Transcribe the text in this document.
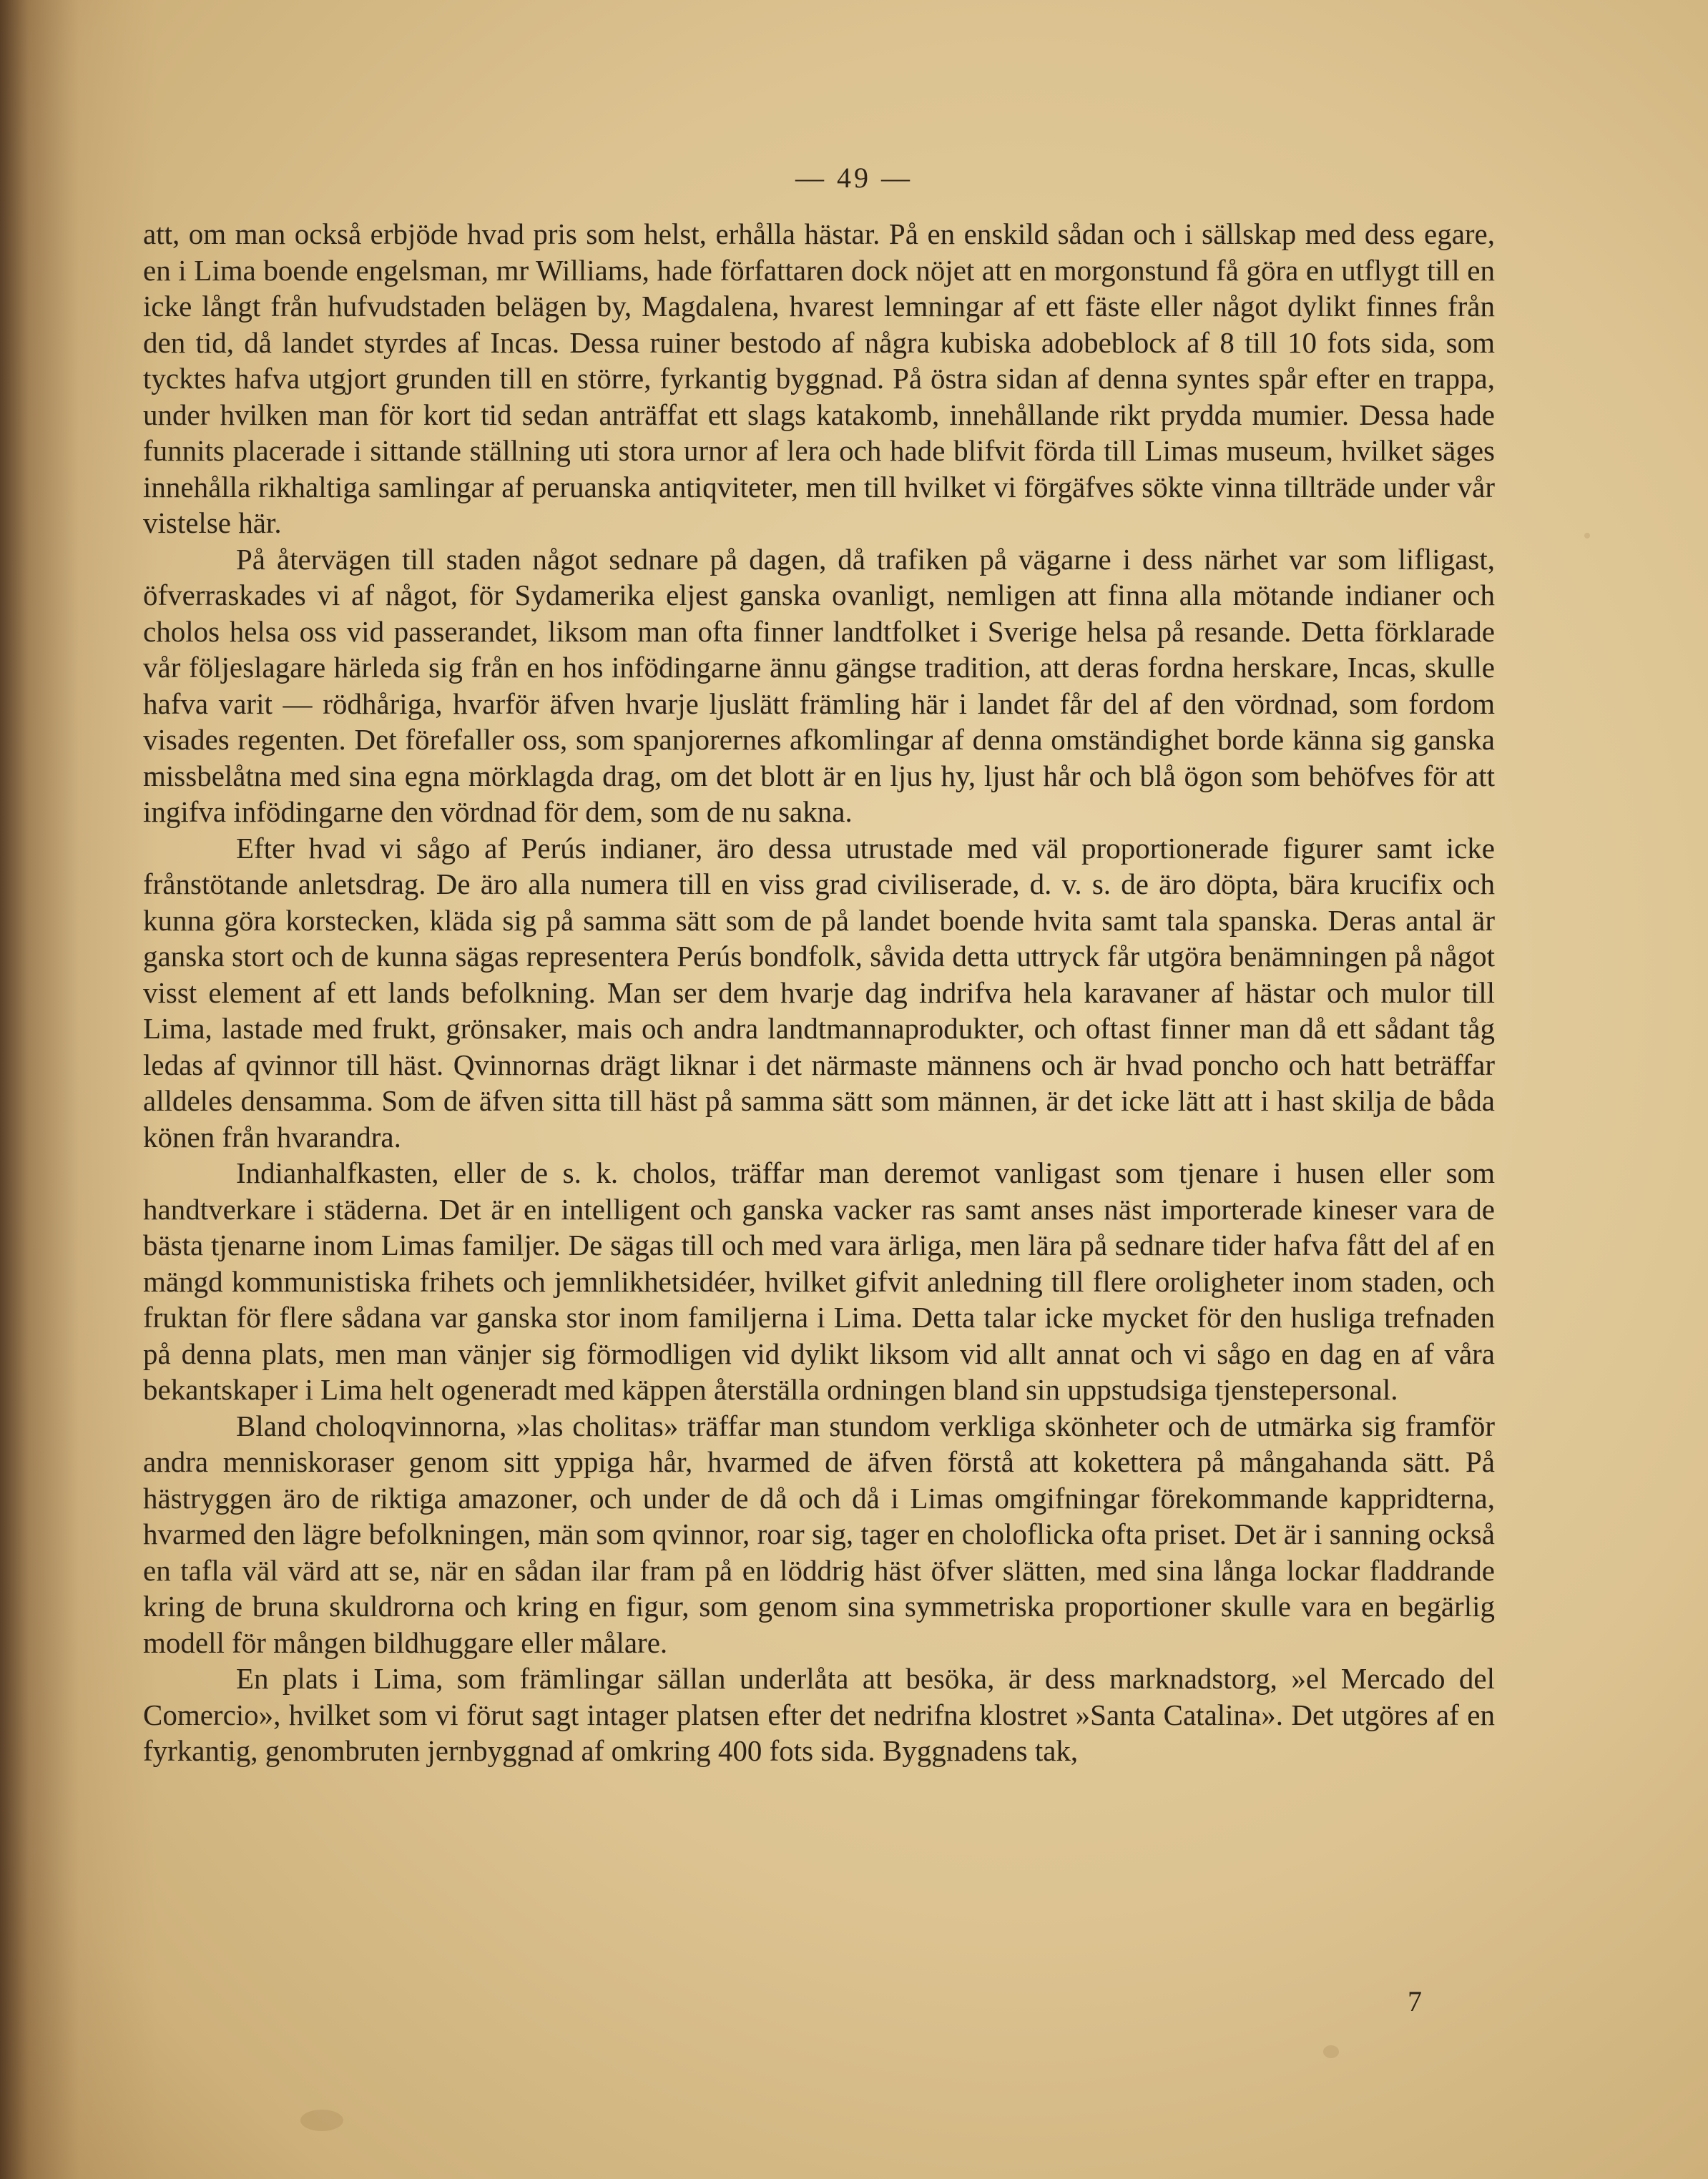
— 49 —

att, om man också erbjöde hvad pris som helst, erhålla hästar. På en enskild sådan och i sällskap med dess egare, en i Lima boende engelsman, mr Williams, hade författaren dock nöjet att en morgonstund få göra en utflygt till en icke långt från hufvudstaden belägen by, Magdalena, hvarest lemningar af ett fäste eller något dylikt finnes från den tid, då landet styrdes af Incas. Dessa ruiner bestodo af några kubiska adobeblock af 8 till 10 fots sida, som tycktes hafva utgjort grunden till en större, fyrkantig byggnad. På östra sidan af denna syntes spår efter en trappa, under hvilken man för kort tid sedan anträffat ett slags katakomb, innehållande rikt prydda mumier. Dessa hade funnits placerade i sittande ställning uti stora urnor af lera och hade blifvit förda till Limas museum, hvilket säges innehålla rikhaltiga samlingar af peruanska antiqviteter, men till hvilket vi förgäfves sökte vinna tillträde under vår vistelse här.

På återvägen till staden något sednare på dagen, då trafiken på vägarne i dess närhet var som lifligast, öfverraskades vi af något, för Sydamerika eljest ganska ovanligt, nemligen att finna alla mötande indianer och cholos helsa oss vid passerandet, liksom man ofta finner landtfolket i Sverige helsa på resande. Detta förklarade vår följeslagare härleda sig från en hos infödingarne ännu gängse tradition, att deras fordna herskare, Incas, skulle hafva varit — rödhåriga, hvarför äfven hvarje ljuslätt främling här i landet får del af den vördnad, som fordom visades regenten. Det förefaller oss, som spanjorernes afkomlingar af denna omständighet borde känna sig ganska missbelåtna med sina egna mörklagda drag, om det blott är en ljus hy, ljust hår och blå ögon som behöfves för att ingifva infödingarne den vördnad för dem, som de nu sakna.

Efter hvad vi sågo af Perús indianer, äro dessa utrustade med väl proportionerade figurer samt icke frånstötande anletsdrag. De äro alla numera till en viss grad civiliserade, d. v. s. de äro döpta, bära krucifix och kunna göra korstecken, kläda sig på samma sätt som de på landet boende hvita samt tala spanska. Deras antal är ganska stort och de kunna sägas representera Perús bondfolk, såvida detta uttryck får utgöra benämningen på något visst element af ett lands befolkning. Man ser dem hvarje dag indrifva hela karavaner af hästar och mulor till Lima, lastade med frukt, grönsaker, mais och andra landtmannaprodukter, och oftast finner man då ett sådant tåg ledas af qvinnor till häst. Qvinnornas drägt liknar i det närmaste männens och är hvad poncho och hatt beträffar alldeles densamma. Som de äfven sitta till häst på samma sätt som männen, är det icke lätt att i hast skilja de båda könen från hvarandra.

Indianhalfkasten, eller de s. k. cholos, träffar man deremot vanligast som tjenare i husen eller som handtverkare i städerna. Det är en intelligent och ganska vacker ras samt anses näst importerade kineser vara de bästa tjenarne inom Limas familjer. De sägas till och med vara ärliga, men lära på sednare tider hafva fått del af en mängd kommunistiska frihets och jemnlikhetsidéer, hvilket gifvit anledning till flere oroligheter inom staden, och fruktan för flere sådana var ganska stor inom familjerna i Lima. Detta talar icke mycket för den husliga trefnaden på denna plats, men man vänjer sig förmodligen vid dylikt liksom vid allt annat och vi sågo en dag en af våra bekantskaper i Lima helt ogeneradt med käppen återställa ordningen bland sin uppstudsiga tjenstepersonal.

Bland choloqvinnorna, »las cholitas» träffar man stundom verkliga skönheter och de utmärka sig framför andra menniskoraser genom sitt yppiga hår, hvarmed de äfven förstå att kokettera på mångahanda sätt. På hästryggen äro de riktiga amazoner, och under de då och då i Limas omgifningar förekommande kappridterna, hvarmed den lägre befolkningen, män som qvinnor, roar sig, tager en choloflicka ofta priset. Det är i sanning också en tafla väl värd att se, när en sådan ilar fram på en löddrig häst öfver slätten, med sina långa lockar fladdrande kring de bruna skuldrorna och kring en figur, som genom sina symmetriska proportioner skulle vara en begärlig modell för mången bildhuggare eller målare.

En plats i Lima, som främlingar sällan underlåta att besöka, är dess marknadstorg, »el Mercado del Comercio», hvilket som vi förut sagt intager platsen efter det nedrifna klostret »Santa Catalina». Det utgöres af en fyrkantig, genombruten jernbyggnad af omkring 400 fots sida. Byggnadens tak,

7
